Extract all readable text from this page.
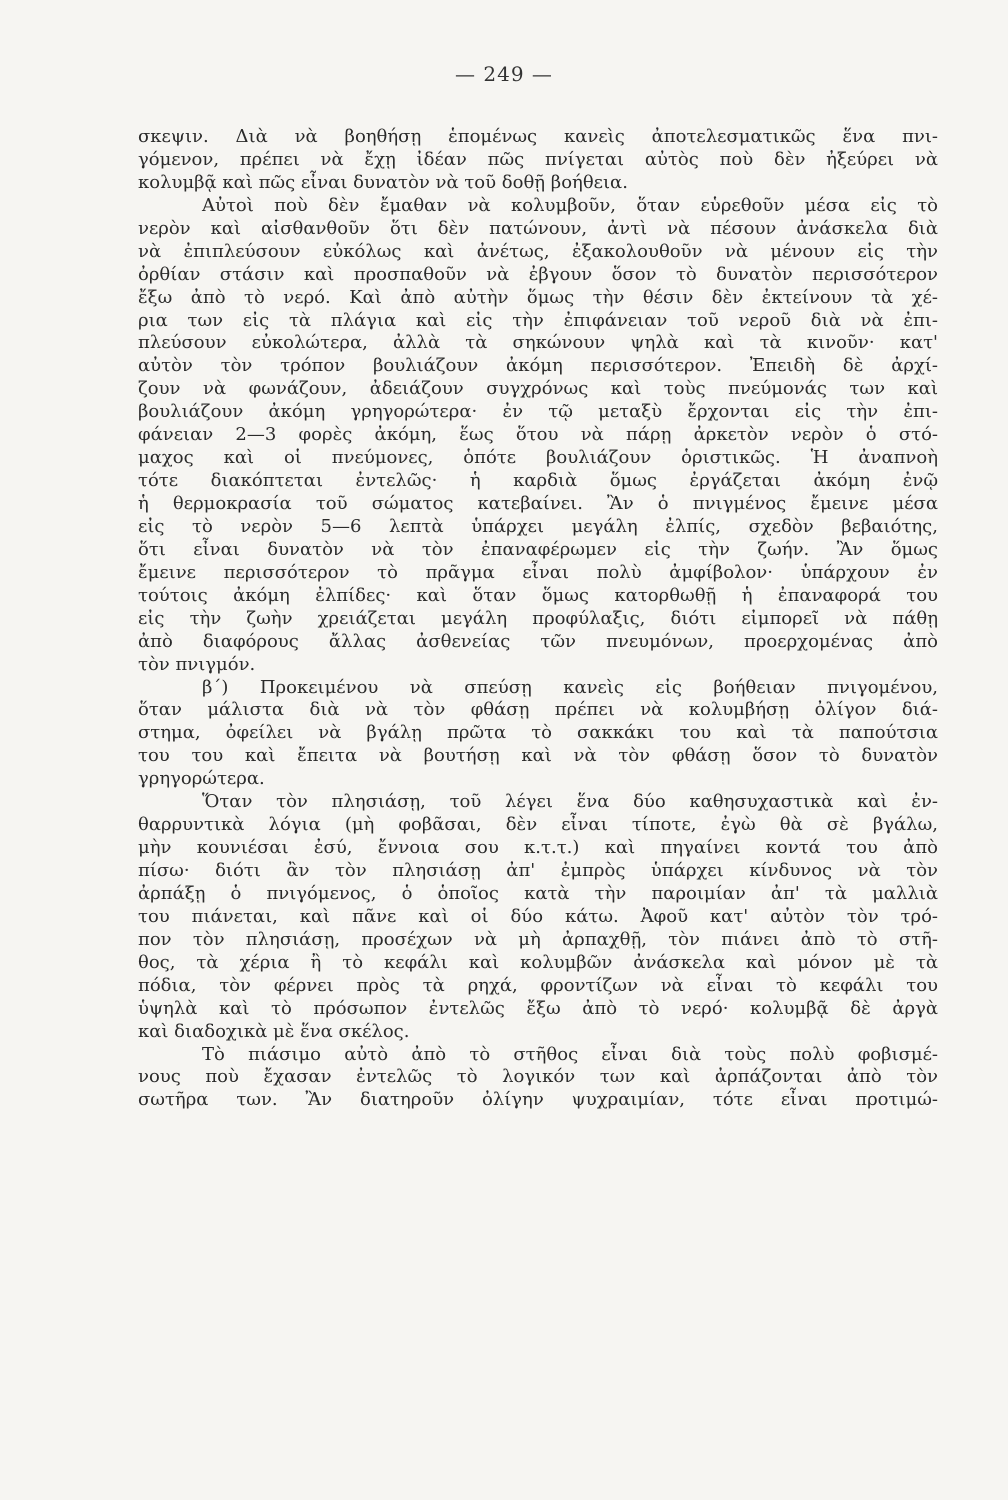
— 249 —
σκεψιν. Διὰ νὰ βοηθήσῃ ἑπομένως κανεὶς ἀποτελεσματικῶς ἕνα πνι-
γόμενον, πρέπει νὰ ἔχῃ ἰδέαν πῶς πνίγεται αὐτὸς ποὺ δὲν ἠξεύρει νὰ
κολυμβᾷ καὶ πῶς εἶναι δυνατὸν νὰ τοῦ δοθῇ βοήθεια.
Αὐτοὶ ποὺ δὲν ἔμαθαν νὰ κολυμβοῦν, ὅταν εὑρεθοῦν μέσα εἰς τὸ
νερὸν καὶ αἰσθανθοῦν ὅτι δὲν πατώνουν, ἀντὶ νὰ πέσουν ἀνάσκελα διὰ
νὰ ἐπιπλεύσουν εὐκόλως καὶ ἀνέτως, ἐξακολουθοῦν νὰ μένουν εἰς τὴν
ὀρθίαν στάσιν καὶ προσπαθοῦν νὰ ἐβγουν ὅσον τὸ δυνατὸν περισσότερον
ἔξω ἀπὸ τὸ νερό. Καὶ ἀπὸ αὐτὴν ὅμως τὴν θέσιν δὲν ἐκτείνουν τὰ χέ-
ρια των εἰς τὰ πλάγια καὶ εἰς τὴν ἐπιφάνειαν τοῦ νεροῦ διὰ νὰ ἐπι-
πλεύσουν εὐκολώτερα, ἀλλὰ τὰ σηκώνουν ψηλὰ καὶ τὰ κινοῦν· κατ'
αὐτὸν τὸν τρόπον βουλιάζουν ἀκόμη περισσότερον. Ἐπειδὴ δὲ ἀρχί-
ζουν νὰ φωνάζουν, ἀδειάζουν συγχρόνως καὶ τοὺς πνεύμονάς των καὶ
βουλιάζουν ἀκόμη γρηγορώτερα· ἐν τῷ μεταξὺ ἔρχονται εἰς τὴν ἐπι-
φάνειαν 2—3 φορὲς ἀκόμη, ἕως ὅτου νὰ πάρῃ ἀρκετὸν νερὸν ὁ στό-
μαχος καὶ οἱ πνεύμονες, ὁπότε βουλιάζουν ὁριστικῶς. Ἡ ἀναπνοὴ
τότε διακόπτεται ἐντελῶς· ἡ καρδιὰ ὅμως ἐργάζεται ἀκόμη ἐνῷ
ἡ θερμοκρασία τοῦ σώματος κατεβαίνει. Ἂν ὁ πνιγμένος ἔμεινε μέσα
εἰς τὸ νερὸν 5—6 λεπτὰ ὑπάρχει μεγάλη ἐλπίς, σχεδὸν βεβαιότης,
ὅτι εἶναι δυνατὸν νὰ τὸν ἐπαναφέρωμεν εἰς τὴν ζωήν. Ἂν ὅμως
ἔμεινε περισσότερον τὸ πρᾶγμα εἶναι πολὺ ἀμφίβολον· ὑπάρχουν ἐν
τούτοις ἀκόμη ἐλπίδες· καὶ ὅταν ὅμως κατορθωθῇ ἡ ἐπαναφορά του
εἰς τὴν ζωὴν χρειάζεται μεγάλη προφύλαξις, διότι εἰμπορεῖ νὰ πάθῃ
ἀπὸ διαφόρους ἄλλας ἀσθενείας τῶν πνευμόνων, προερχομένας ἀπὸ
τὸν πνιγμόν.
β΄) Προκειμένου νὰ σπεύσῃ κανεὶς εἰς βοήθειαν πνιγομένου,
ὅταν μάλιστα διὰ νὰ τὸν φθάσῃ πρέπει νὰ κολυμβήσῃ ὀλίγον διά-
στημα, ὀφείλει νὰ βγάλῃ πρῶτα τὸ σακκάκι του καὶ τὰ παπούτσια
του του καὶ ἔπειτα νὰ βουτήσῃ καὶ νὰ τὸν φθάσῃ ὅσον τὸ δυνατὸν
γρηγορώτερα.
Ὅταν τὸν πλησιάσῃ, τοῦ λέγει ἕνα δύο καθησυχαστικὰ καὶ ἐν-
θαρρυντικὰ λόγια (μὴ φοβᾶσαι, δὲν εἶναι τίποτε, ἐγὼ θὰ σὲ βγάλω,
μὴν κουνιέσαι ἐσύ, ἔννοια σου κ.τ.τ.) καὶ πηγαίνει κοντά του ἀπὸ
πίσω· διότι ἂν τὸν πλησιάσῃ ἀπ' ἐμπρὸς ὑπάρχει κίνδυνος νὰ τὸν
ἀρπάξῃ ὁ πνιγόμενος, ὁ ὁποῖος κατὰ τὴν παροιμίαν ἀπ' τὰ μαλλιὰ
του πιάνεται, καὶ πᾶνε καὶ οἱ δύο κάτω. Ἀφοῦ κατ' αὐτὸν τὸν τρό-
πον τὸν πλησιάσῃ, προσέχων νὰ μὴ ἀρπαχθῇ, τὸν πιάνει ἀπὸ τὸ στῆ-
θος, τὰ χέρια ἢ τὸ κεφάλι καὶ κολυμβῶν ἀνάσκελα καὶ μόνον μὲ τὰ
πόδια, τὸν φέρνει πρὸς τὰ ρηχά, φροντίζων νὰ εἶναι τὸ κεφάλι του
ὑψηλὰ καὶ τὸ πρόσωπον ἐντελῶς ἔξω ἀπὸ τὸ νερό· κολυμβᾷ δὲ ἀργὰ
καὶ διαδοχικὰ μὲ ἕνα σκέλος.
Τὸ πιάσιμο αὐτὸ ἀπὸ τὸ στῆθος εἶναι διὰ τοὺς πολὺ φοβισμέ-
νους ποὺ ἔχασαν ἐντελῶς τὸ λογικόν των καὶ ἀρπάζονται ἀπὸ τὸν
σωτῆρα των. Ἂν διατηροῦν ὀλίγην ψυχραιμίαν, τότε εἶναι προτιμώ-
